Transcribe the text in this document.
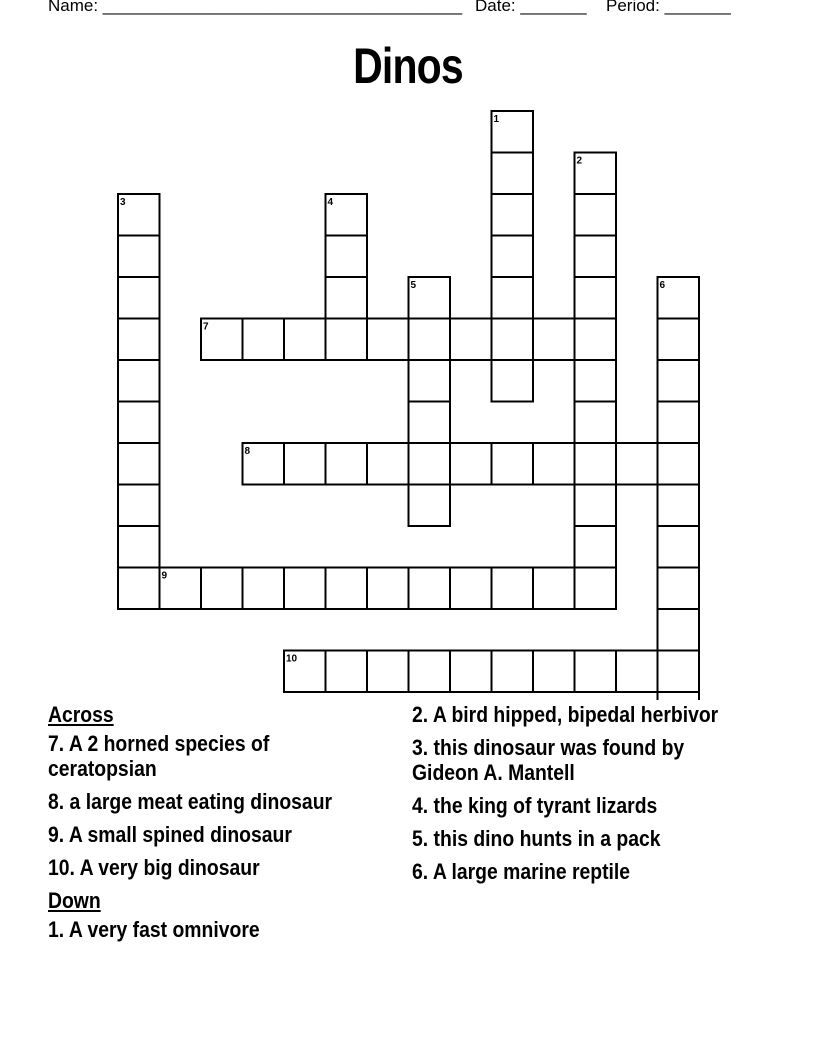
Name: ______________________________________ Date: _______ Period: _______
Dinos
1
2
3	4
5	6
7
8
9
10
Across
7. A 2 horned species of ceratopsian
8. a large meat eating dinosaur
9. A small spined dinosaur
10. A very big dinosaur
Down
1. A very fast omnivore
2. A bird hipped, bipedal herbivor
3. this dinosaur was found by Gideon A. Mantell
4. the king of tyrant lizards
5. this dino hunts in a pack
6. A large marine reptile
